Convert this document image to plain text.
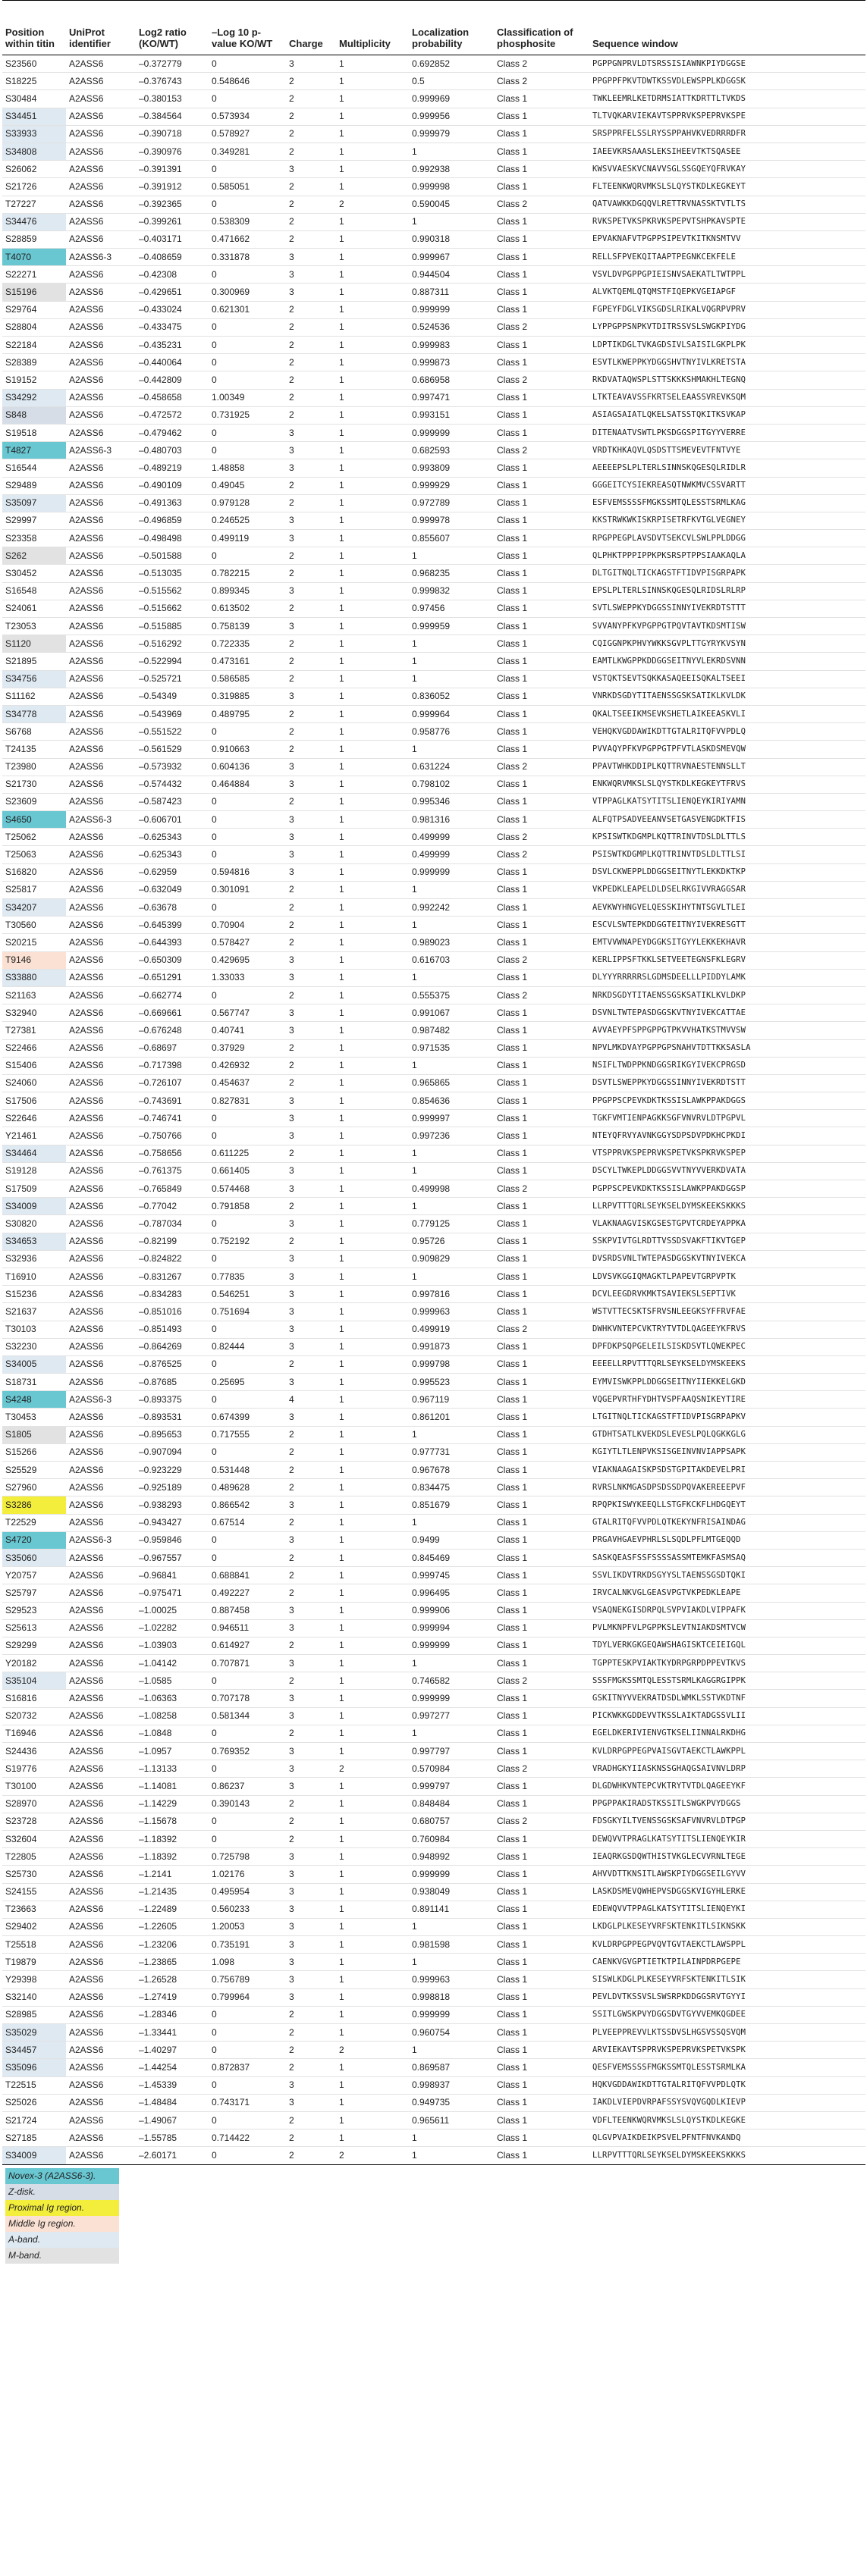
Position within titin	UniProt identifier	Log2 ratio (KO/WT)	–Log 10 p-value KO/WT	Charge	Multiplicity	Localization probability	Classification of phosphosite	Sequence window
S23560	A2ASS6	–0.372779	0	3	1	0.692852	Class 2	PGPPGNPRVLDTSRSSISIAWNKPIYDGGSE
S18225	A2ASS6	–0.376743	0.548646	2	1	0.5	Class 2	PPGPPFPKVTDWTKSSVDLEWSPPLKDGGSK
S30484	A2ASS6	–0.380153	0	2	1	0.999969	Class 1	TWKLEEMRLKETDRMSIATTKDRTTLTVKDS
S34451	A2ASS6	–0.384564	0.573934	2	1	0.999956	Class 1	TLTVQKARVIEKAVTSPPRVKSPEPRVKSPE
S33933	A2ASS6	–0.390718	0.578927	2	1	0.999979	Class 1	SRSPPRFELSSLRYSSPPAHVKVEDRRRDFR
S34808	A2ASS6	–0.390976	0.349281	2	1	1	Class 1	IAEEVKRSAAASLEKSIHEEVTKTSQASEE
S26062	A2ASS6	–0.391391	0	3	1	0.992938	Class 1	KWSVVAESKVCNAVVSGLSSGQEYQFRVKAY
S21726	A2ASS6	–0.391912	0.585051	2	1	0.999998	Class 1	FLTEENKWQRVMKSLSLQYSTKDLKEGKEYT
T27227	A2ASS6	–0.392365	0	2	2	0.590045	Class 2	QATVAWKKDGQQVLRETTRVNASSKTVTLTS
S34476	A2ASS6	–0.399261	0.538309	2	1	1	Class 1	RVKSPETVKSPKRVKSPEPVTSHPKAVSPTE
S28859	A2ASS6	–0.403171	0.471662	2	1	0.990318	Class 1	EPVAKNAFVTPGPPSIPEVTKITKNSMTVV
T4070	A2ASS6-3	–0.408659	0.331878	3	1	0.999967	Class 1	RELLSFPVEKQITAAPTPEGNKCEKFELE
S22271	A2ASS6	–0.42308	0	3	1	0.944504	Class 1	VSVLDVPGPPGPIEISNVSAEKATLTWTPPL
S15196	A2ASS6	–0.429651	0.300969	3	1	0.887311	Class 1	ALVKTQEMLQTQMSTFIQEPKVGEIAPGF
S29764	A2ASS6	–0.433024	0.621301	2	1	0.999999	Class 1	FGPEYFDGLVIKSGDSLRIKALVQGRPVPRV
S28804	A2ASS6	–0.433475	0	2	1	0.524536	Class 2	LYPPGPPSNPKVTDITRSSVSLSWGKPIYDG
S22184	A2ASS6	–0.435231	0	2	1	0.999983	Class 1	LDPTIKDGLTVKAGDSIVLSAISILGKPLPK
S28389	A2ASS6	–0.440064	0	2	1	0.999873	Class 1	ESVTLKWEPPKYDGGSHVTNYIVLKRETSTA
S19152	A2ASS6	–0.442809	0	2	1	0.686958	Class 2	RKDVATAQWSPLSTTSKKKSHMAKHLTEGNQ
S34292	A2ASS6	–0.458658	1.00349	2	1	0.997471	Class 1	LTKTEAVAVSSFKRTSELEAASSVREVKSQM
S848	A2ASS6	–0.472572	0.731925	2	1	0.993151	Class 1	ASIAGSAIATLQKELSATSSTQKITKSVKAP
S19518	A2ASS6	–0.479462	0	3	1	0.999999	Class 1	DITENAATVSWTLPKSDGGSPITGYYVERRE
T4827	A2ASS6-3	–0.480703	0	3	1	0.682593	Class 2	VRDTKHKAQVLQSDSTTSMEVEVTFNTVYE
S16544	A2ASS6	–0.489219	1.48858	3	1	0.993809	Class 1	AEEEEPSLPLTERLSINNSKQGESQLRIDLR
S29489	A2ASS6	–0.490109	0.49045	2	1	0.999929	Class 1	GGGEITCYSIEKREASQTNWKMVCSSVARTT
S35097	A2ASS6	–0.491363	0.979128	2	1	0.972789	Class 1	ESFVEMSSSSFMGKSSMTQLESSTSRMLKAG
S29997	A2ASS6	–0.496859	0.246525	3	1	0.999978	Class 1	KKSTRWKWKISKRPISETRFKVTGLVEGNEY
S23358	A2ASS6	–0.498498	0.499119	3	1	0.855607	Class 1	RPGPPEGPLAVSDVTSEKCVLSWLPPLDDGG
S262	A2ASS6	–0.501588	0	2	1	1	Class 1	QLPHKTPPPIPPKPKSRSPTPPSIAAKAQLA
S30452	A2ASS6	–0.513035	0.782215	2	1	0.968235	Class 1	DLTGITNQLTICKAGSTFTIDVPISGRPAPK
S16548	A2ASS6	–0.515562	0.899345	3	1	0.999832	Class 1	EPSLPLTERLSINNSKQGESQLRIDSLRLRP
S24061	A2ASS6	–0.515662	0.613502	2	1	0.97456	Class 1	SVTLSWEPPKYDGGSSINNYIVEKRDTSTTT
T23053	A2ASS6	–0.515885	0.758139	3	1	0.999959	Class 1	SVVANYPFKVPGPPGTPQVTAVTKDSMTISW
S1120	A2ASS6	–0.516292	0.722335	2	1	1	Class 1	CQIGGNPKPHVYWKKSGVPLTTGYRYKVSYN
S21895	A2ASS6	–0.522994	0.473161	2	1	1	Class 1	EAMTLKWGPPKDDGGSEITNYVLEKRDSVNN
S34756	A2ASS6	–0.525721	0.586585	2	1	1	Class 1	VSTQKTSEVTSQKKASAQEEISQKALTSEEI
S11162	A2ASS6	–0.54349	0.319885	3	1	0.836052	Class 1	VNRKDSGDYTITAENSSGSKSATIKLKVLDK
S34778	A2ASS6	–0.543969	0.489795	2	1	0.999964	Class 1	QKALTSEEIKMSEVKSHETLAIKEEASKVLI
S6768	A2ASS6	–0.551522	0	2	1	0.958776	Class 1	VEHQKVGDDAWIKDTTGTALRITQFVVPDLQ
T24135	A2ASS6	–0.561529	0.910663	2	1	1	Class 1	PVVAQYPFKVPGPPGTPFVTLASKDSMEVQW
T23980	A2ASS6	–0.573932	0.604136	3	1	0.631224	Class 2	PPAVTWHKDDIPLKQTTRVNAESTENNSLLT
S21730	A2ASS6	–0.574432	0.464884	3	1	0.798102	Class 1	ENKWQRVMKSLSLQYSTKDLKEGKEYTFRVS
S23609	A2ASS6	–0.587423	0	2	1	0.995346	Class 1	VTPPAGLKATSYTITSLIENQEYKIRIYAMN
S4650	A2ASS6-3	–0.606701	0	3	1	0.981316	Class 1	ALFQTPSADVEEANVSETGASVENGDKTFIS
T25062	A2ASS6	–0.625343	0	3	1	0.499999	Class 2	KPSISWTKDGMPLKQTTRINVTDSLDLTTLS
T25063	A2ASS6	–0.625343	0	3	1	0.499999	Class 2	PSISWTKDGMPLKQTTRINVTDSLDLTTLSI
S16820	A2ASS6	–0.62959	0.594816	3	1	0.999999	Class 1	DSVLCKWEPPLDDGGSEITNYTLEKKDKTKP
S25817	A2ASS6	–0.632049	0.301091	2	1	1	Class 1	VKPEDKLEAPELDLDSELRKGIVVRAGGSAR
S34207	A2ASS6	–0.63678	0	2	1	0.992242	Class 1	AEVKWYHNGVELQESSKIHYTNTSGVLTLEI
T30560	A2ASS6	–0.645399	0.70904	2	1	1	Class 1	ESCVLSWTEPKDDGGTEITNYIVEKRESGTT
S20215	A2ASS6	–0.644393	0.578427	2	1	0.989023	Class 1	EMTVVWNAPEYDGGKSITGYYLEKKEKHAVR
T9146	A2ASS6	–0.650309	0.429695	3	1	0.616703	Class 2	KERLIPPSFTKKLSETVEETEGNSFKLEGRV
S33880	A2ASS6	–0.651291	1.33033	3	1	1	Class 1	DLYYYRRRRRSLGDMSDEELLLPIDDYLAMK
S21163	A2ASS6	–0.662774	0	2	1	0.555375	Class 2	NRKDSGDYTITAENSSGSKSATIKLKVLDKP
S32940	A2ASS6	–0.669661	0.567747	3	1	0.991067	Class 1	DSVNLTWTEPASDGGSKVTNYIVEKCATTAE
T27381	A2ASS6	–0.676248	0.40741	3	1	0.987482	Class 1	AVVAEYPFSPPGPPGTPKVVHATKSTMVVSW
S22466	A2ASS6	–0.68697	0.37929	2	1	0.971535	Class 1	NPVLMKDVAYPGPPGPSNAHVTDTTKKSASLA
S15406	A2ASS6	–0.717398	0.426932	2	1	1	Class 1	NSIFLTWDPPKNDGGSRIKGYIVEKCPRGSD
S24060	A2ASS6	–0.726107	0.454637	2	1	0.965865	Class 1	DSVTLSWEPPKYDGGSSINNYIVEKRDTSTT
S17506	A2ASS6	–0.743691	0.827831	3	1	0.854636	Class 1	PPGPPSCPEVKDKTKSSISLAWKPPAKDGGS
S22646	A2ASS6	–0.746741	0	3	1	0.999997	Class 1	TGKFVMTIENPAGKKSGFVNVRVLDTPGPVL
Y21461	A2ASS6	–0.750766	0	3	1	0.997236	Class 1	NTEYQFRVYAVNKGGYSDPSDVPDKHCPKDI
S34464	A2ASS6	–0.758656	0.611225	2	1	1	Class 1	VTSPPRVKSPEPRVKSPETVKSPKRVKSPEP
S19128	A2ASS6	–0.761375	0.661405	3	1	1	Class 1	DSCYLTWKEPLDDGGSVVTNYVVERKDVATA
S17509	A2ASS6	–0.765849	0.574468	3	1	0.499998	Class 2	PGPPSCPEVKDKTKSSISLAWKPPAKDGGSP
S34009	A2ASS6	–0.77042	0.791858	2	1	1	Class 1	LLRPVTTTQRLSEYKSELDYMSKEEKSKKKS
S30820	A2ASS6	–0.787034	0	3	1	0.779125	Class 1	VLAKNAAGVISKGSESTGPVTCRDEYAPPKA
S34653	A2ASS6	–0.82199	0.752192	2	1	0.95726	Class 1	SSKPVIVTGLRDTTVSSDSVAKFTIKVTGEP
S32936	A2ASS6	–0.824822	0	3	1	0.909829	Class 1	DVSRDSVNLTWTEPASDGGSKVTNYIVEKCA
T16910	A2ASS6	–0.831267	0.77835	3	1	1	Class 1	LDVSVKGGIQMAGKTLPAPEVTGRPVPTK
S15236	A2ASS6	–0.834283	0.546251	3	1	0.997816	Class 1	DCVLEEGDRVKMKTSAVIEKSLSEPTIVK
S21637	A2ASS6	–0.851016	0.751694	3	1	0.999963	Class 1	WSTVTTECSKTSFRVSNLEEGKSYFFRVFAE
T30103	A2ASS6	–0.851493	0	3	1	0.499919	Class 2	DWHKVNTEPCVKTRYTVTDLQAGEEYKFRVS
S32230	A2ASS6	–0.864269	0.82444	3	1	0.991873	Class 1	DPFDKPSQPGELEILSISKDSVTLQWEKPEC
S34005	A2ASS6	–0.876525	0	2	1	0.999798	Class 1	EEEELLRPVTTTQRLSEYKSELDYMSKEEKS
S18731	A2ASS6	–0.87685	0.25695	3	1	0.995523	Class 1	EYMVISWKPPLDDGGSEITNYIIEKKELGKD
S4248	A2ASS6-3	–0.893375	0	4	1	0.967119	Class 1	VQGEPVRTHFYDHTVSPFAAQSNIKEYTIRE
T30453	A2ASS6	–0.893531	0.674399	3	1	0.861201	Class 1	LTGITNQLTICKAGSTFTIDVPISGRPAPKV
S1805	A2ASS6	–0.895653	0.717555	2	1	1	Class 1	GTDHTSATLKVEKDSLEVESLPQLQGKKGLG
S15266	A2ASS6	–0.907094	0	2	1	0.977731	Class 1	KGIYTLTLENPVKSISGEINVNVIAPPSAPK
S25529	A2ASS6	–0.923229	0.531448	2	1	0.967678	Class 1	VIAKNAAGAISKPSDSTGPITAKDEVELPRI
S27960	A2ASS6	–0.925189	0.489628	2	1	0.834475	Class 1	RVRSLNKMGASDPSDSSDPQVAKEREEEPVF
S3286	A2ASS6	–0.938293	0.866542	3	1	0.851679	Class 1	RPQPKISWYKEEQLLSTGFKCKFLHDGQEYT
T22529	A2ASS6	–0.943427	0.67514	2	1	1	Class 1	GTALRITQFVVPDLQTKEKYNFRISAINDAG
S4720	A2ASS6-3	–0.959846	0	3	1	0.9499	Class 1	PRGAVHGAEVPHRLSLSQDLPFLMTGEQQD
S35060	A2ASS6	–0.967557	0	2	1	0.845469	Class 1	SASKQEASFSSFSSSSASSMTEMKFASMSAQ
Y20757	A2ASS6	–0.96841	0.688841	2	1	0.999745	Class 1	SSVLIKDVTRKDSGYYSLTAENSSGSDTQKI
S25797	A2ASS6	–0.975471	0.492227	2	1	0.996495	Class 1	IRVCALNKVGLGEASVPGTVKPEDKLEAPE
S29523	A2ASS6	–1.00025	0.887458	3	1	0.999906	Class 1	VSAQNEKGISDRPQLSVPVIAKDLVIPPAFK
S25613	A2ASS6	–1.02282	0.946511	3	1	0.999994	Class 1	PVLMKNPFVLPGPPKSLEVTNIAKDSMTVCW
S29299	A2ASS6	–1.03903	0.614927	2	1	0.999999	Class 1	TDYLVERKGKGEQAWSHAGISKTCEIEIGQL
Y20182	A2ASS6	–1.04142	0.707871	3	1	1	Class 1	TGPPTESKPVIAKTKYDRPGRPDPPEVTKVS
S35104	A2ASS6	–1.0585	0	2	1	0.746582	Class 2	SSSFMGKSSMTQLESSTSRMLKAGGRGIPPK
S16816	A2ASS6	–1.06363	0.707178	3	1	0.999999	Class 1	GSKITNYVVEKRATDSDLWMKLSSTVKDTNF
S20732	A2ASS6	–1.08258	0.581344	3	1	0.997277	Class 1	PICKWKKGDDEVVTKSSLAIKTADGSSVLII
T16946	A2ASS6	–1.0848	0	2	1	1	Class 1	EGELDKERIVIENVGTKSELIINNALRKDHG
S24436	A2ASS6	–1.0957	0.769352	3	1	0.997797	Class 1	KVLDRPGPPEGPVAISGVTAEKCTLAWKPPL
S19776	A2ASS6	–1.13133	0	3	2	0.570984	Class 2	VRADHGKYIIASKNSSGHAQGSAIVNVLDRP
T30100	A2ASS6	–1.14081	0.86237	3	1	0.999797	Class 1	DLGDWHKVNTEPCVKTRYTVTDLQAGEEYKF
S28970	A2ASS6	–1.14229	0.390143	2	1	0.848484	Class 1	PPGPPAKIRADSTKSSITLSWGKPVYDGGS
S23728	A2ASS6	–1.15678	0	2	1	0.680757	Class 2	FDSGKYILTVENSSGSKSAFVNVRVLDTPGP
S32604	A2ASS6	–1.18392	0	2	1	0.760984	Class 1	DEWQVVTPRAGLKATSYTITSLIENQEYKIR
T22805	A2ASS6	–1.18392	0.725798	3	1	0.948992	Class 1	IEAQRKGSDQWTHISTVKGLECVVRNLTEGE
S25730	A2ASS6	–1.2141	1.02176	3	1	0.999999	Class 1	AHVVDTTKNSITLAWSKPIYDGGSEILGYVV
S24155	A2ASS6	–1.21435	0.495954	3	1	0.938049	Class 1	LASKDSMEVQWHEPVSDGGSKVIGYHLERKE
T23663	A2ASS6	–1.22489	0.560233	3	1	0.891141	Class 1	EDEWQVVTPPAGLKATSYTITSLIENQEYKI
S29402	A2ASS6	–1.22605	1.20053	3	1	1	Class 1	LKDGLPLKESEYVRFSKTENKITLSIKNSKK
T25518	A2ASS6	–1.23206	0.735191	3	1	0.981598	Class 1	KVLDRPGPPEGPVQVTGVTAEKCTLAWSPPL
T19879	A2ASS6	–1.23865	1.098	3	1	1	Class 1	CAENKVGVGPTIETKTPILAINPDRPGEPE
Y29398	A2ASS6	–1.26528	0.756789	3	1	0.999963	Class 1	SISWLKDGLPLKESEYVRFSKTENKITLSIK
S32140	A2ASS6	–1.27419	0.799964	3	1	0.998818	Class 1	PEVLDVTKSSVSLSWSRPKDDGGSRVTGYYI
S28985	A2ASS6	–1.28346	0	2	1	0.999999	Class 1	SSITLGWSKPVYDGGSDVTGYVVEMKQGDEE
S35029	A2ASS6	–1.33441	0	2	1	0.960754	Class 1	PLVEEPPREVVLKTSSDVSLHGSVSSQSVQM
S34457	A2ASS6	–1.40297	0	2	2	1	Class 1	ARVIEKAVTSPPRVKSPEPRVKSPETVKSPK
S35096	A2ASS6	–1.44254	0.872837	2	1	0.869587	Class 1	QESFVEMSSSSFMGKSSMTQLESSTSRMLKA
T22515	A2ASS6	–1.45339	0	3	1	0.998937	Class 1	HQKVGDDAWIKDTTGTALRITQFVVPDLQTK
S25026	A2ASS6	–1.48484	0.743171	3	1	0.949735	Class 1	IAKDLVIEPDVRPAFSSYSVQVGQDLKIEVP
S21724	A2ASS6	–1.49067	0	2	1	0.965611	Class 1	VDFLTEENKWQRVMKSLSLQYSTKDLKEGKE
S27185	A2ASS6	–1.55785	0.714422	2	1	1	Class 1	QLGVPVAIKDEIKPSVELPFNTFNVKANDQ
S34009	A2ASS6	–2.60171	0	2	2	1	Class 1	LLRPVTTTQRLSEYKSELDYMSKEEKSKKKS
Novex-3 (A2ASS6-3).
Z-disk.
Proximal Ig region.
Middle Ig region.
A-band.
M-band.
